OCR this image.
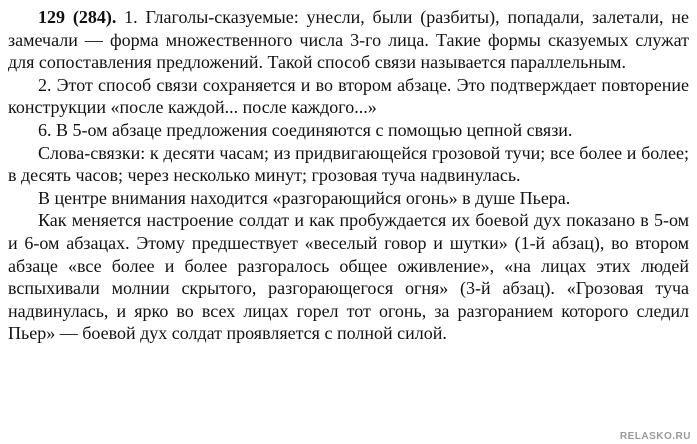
129 (284). 1. Глаголы-сказуемые: унесли, были (разбиты), попадали, залетали, не замечали — форма множественного числа 3-го лица. Такие формы сказуемых служат для сопоставления предложений. Такой способ связи называется параллельным.

2. Этот способ связи сохраняется и во втором абзаце. Это подтверждает повторение конструкции «после каждой... после каждого...»

6. В 5-ом абзаце предложения соединяются с помощью цепной связи.

Слова-связки: к десяти часам; из придвигающейся грозовой тучи; все более и более; в десять часов; через несколько минут; грозовая туча надвинулась.

В центре внимания находится «разгорающийся огонь» в душе Пьера.

Как меняется настроение солдат и как пробуждается их боевой дух показано в 5-ом и 6-ом абзацах. Этому предшествует «веселый говор и шутки» (1-й абзац), во втором абзаце «все более и более разгоралось общее оживление», «на лицах этих людей вспыхивали молнии скрытого, разгорающегося огня» (3-й абзац). «Грозовая туча надвинулась, и ярко во всех лицах горел тот огонь, за разгоранием которого следил Пьер» — боевой дух солдат проявляется с полной силой.

RELASKO.RU
